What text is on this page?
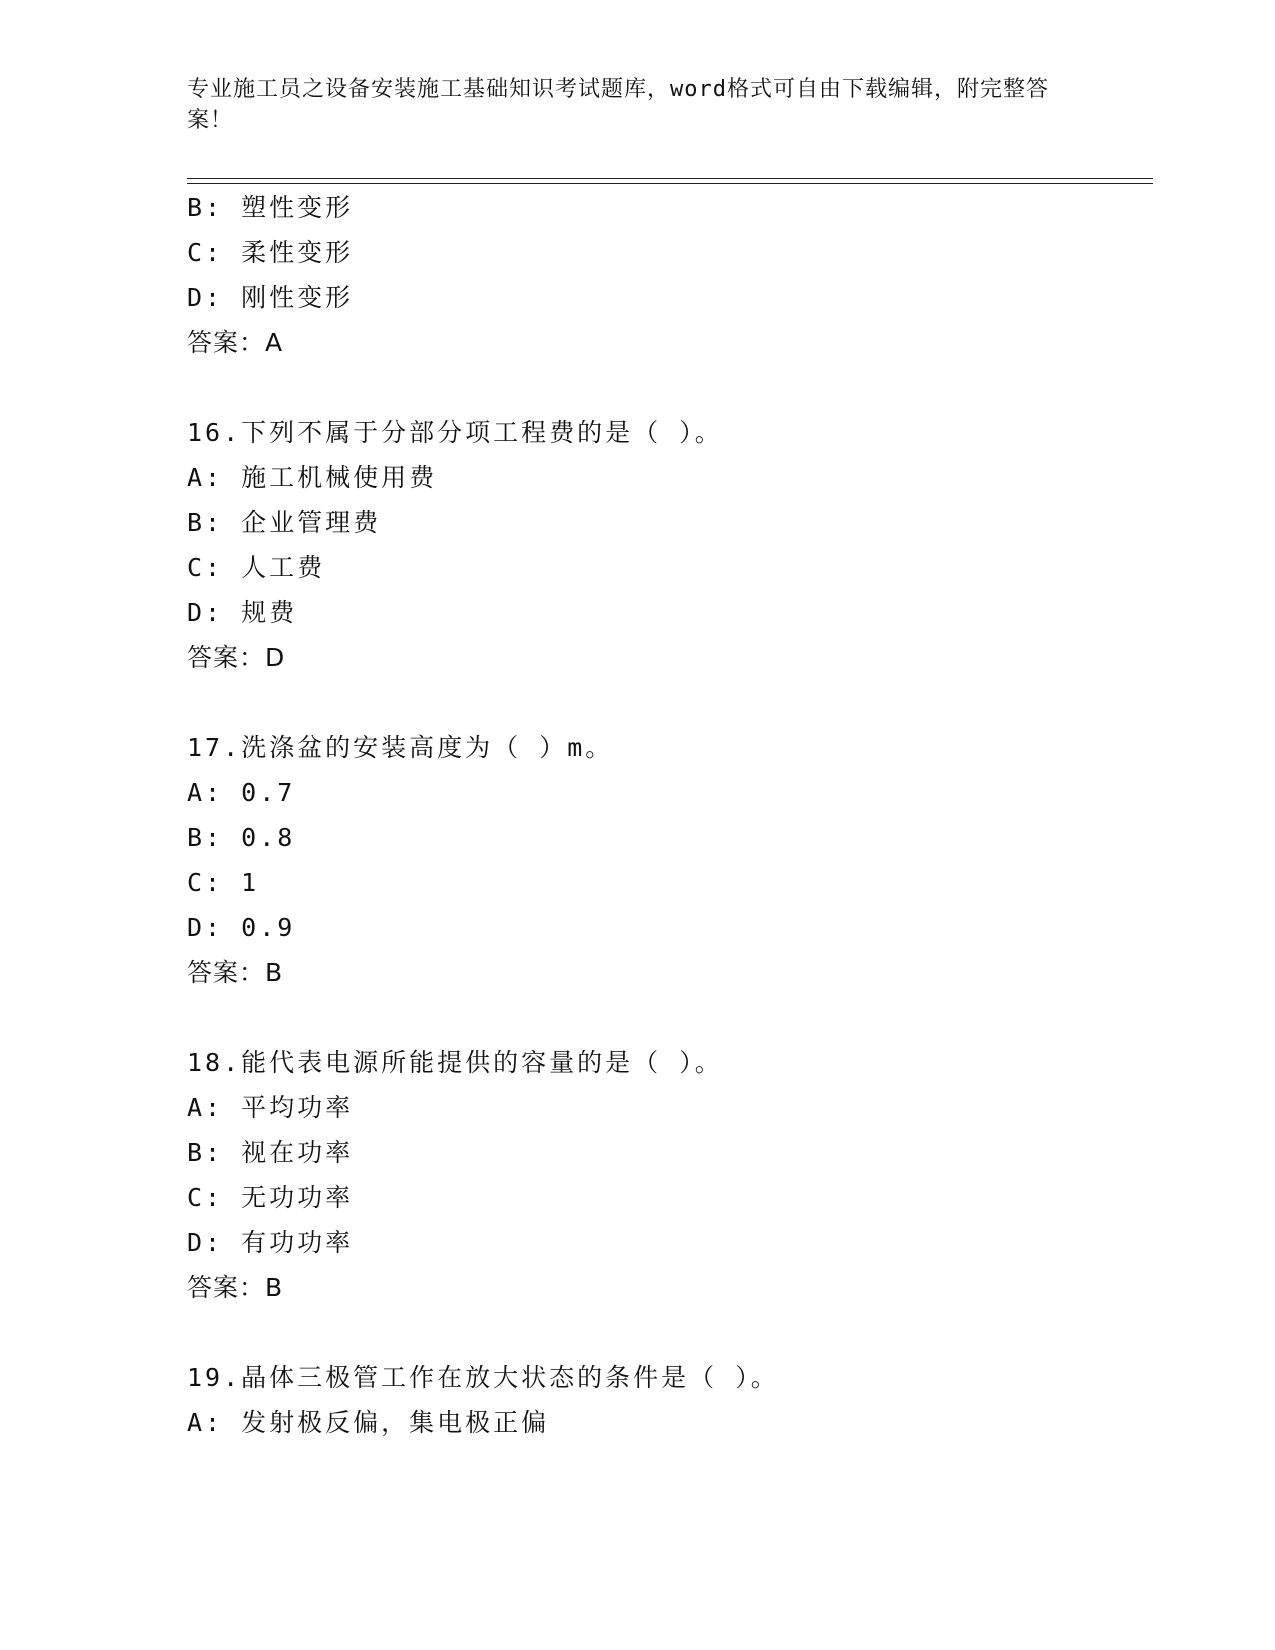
专业施工员之设备安装施工基础知识考试题库，word格式可自由下载编辑，附完整答案！
B: 塑性变形
C: 柔性变形
D: 刚性变形
答案：A
16.下列不属于分部分项工程费的是（ ）。
A: 施工机械使用费
B: 企业管理费
C: 人工费
D: 规费
答案：D
17.洗涤盆的安装高度为（ ）m。
A: 0.7
B: 0.8
C: 1
D: 0.9
答案：B
18.能代表电源所能提供的容量的是（ ）。
A: 平均功率
B: 视在功率
C: 无功功率
D: 有功功率
答案：B
19.晶体三极管工作在放大状态的条件是（ ）。
A: 发射极反偏，集电极正偏
